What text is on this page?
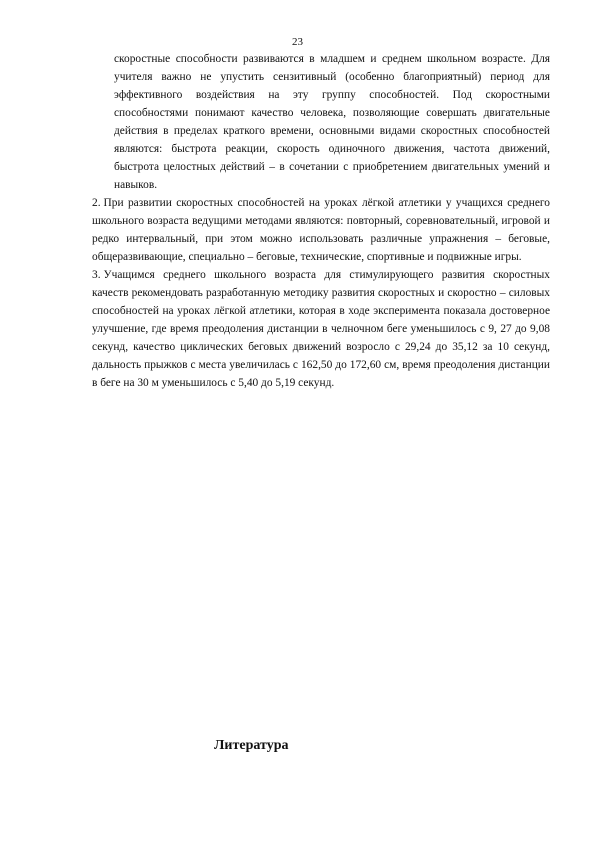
23

скоростные способности развиваются в младшем и среднем школьном возрасте. Для учителя важно не упустить сензитивный (особенно благоприятный) период для эффективного воздействия на эту группу способностей. Под скоростными способностями понимают качество человека, позволяющие совершать двигательные действия в пределах краткого времени, основными видами скоростных способностей являются: быстрота реакции, скорость одиночного движения, частота движений, быстрота целостных действий – в сочетании с приобретением двигательных умений и навыков.

2. При развитии скоростных способностей на уроках лёгкой атлетики у учащихся среднего школьного возраста ведущими методами являются: повторный, соревновательный, игровой и редко интервальный, при этом можно использовать различные упражнения – беговые, общеразвивающие, специально – беговые, технические, спортивные и подвижные игры.

3. Учащимся среднего школьного возраста для стимулирующего развития скоростных качеств рекомендовать разработанную методику развития скоростных и скоростно – силовых способностей на уроках лёгкой атлетики, которая в ходе эксперимента показала достоверное улучшение, где время преодоления дистанции в челночном беге уменьшилось с 9, 27 до 9,08 секунд, качество циклических беговых движений возросло с 29,24 до 35,12 за 10 секунд, дальность прыжков с места увеличилась с 162,50 до 172,60 см, время преодоления дистанции в беге на 30 м уменьшилось с 5,40 до 5,19 секунд.

Литература
